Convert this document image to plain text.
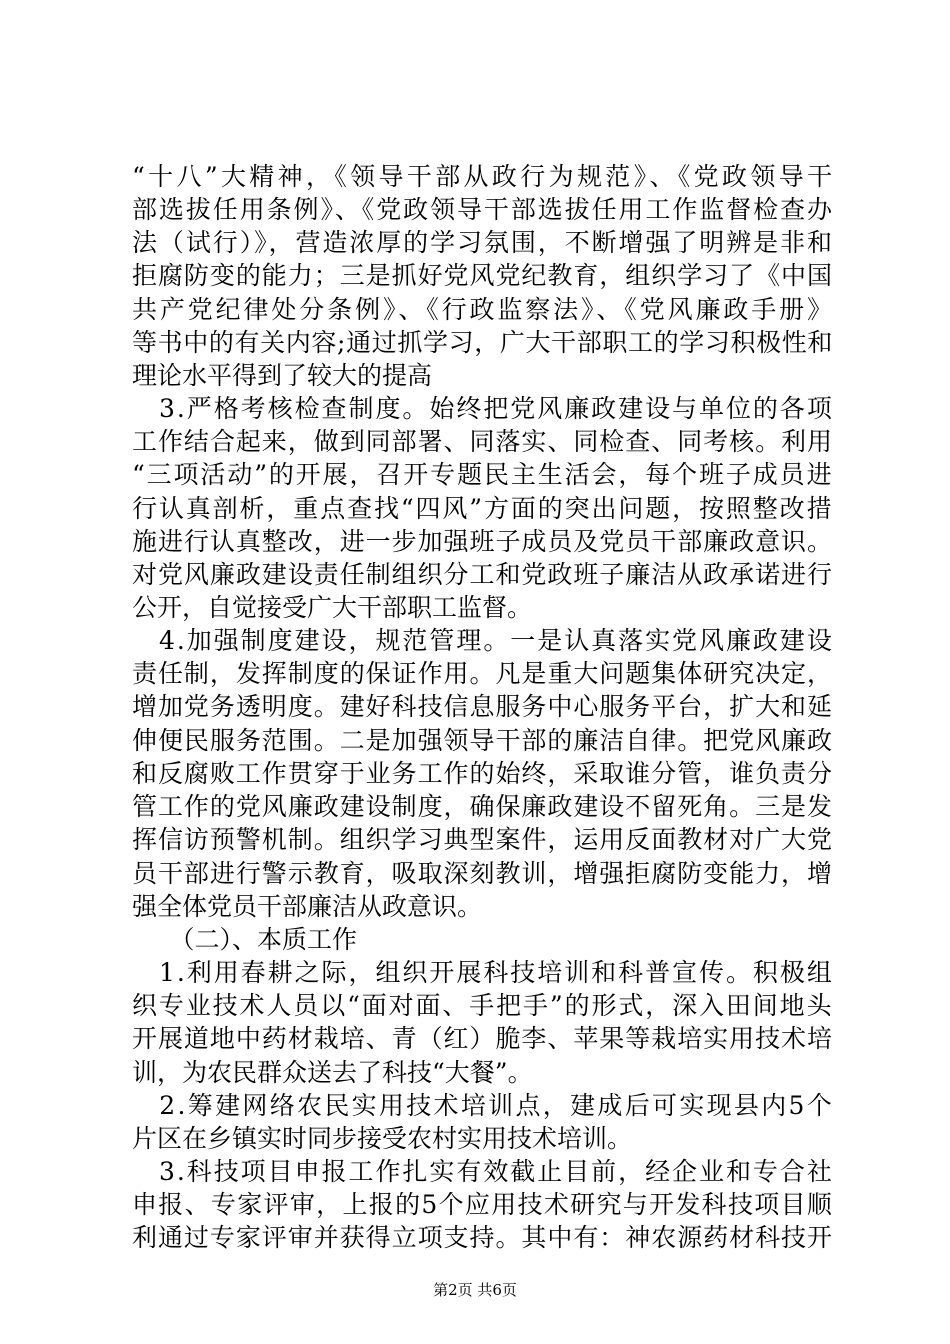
“十八”大精神，《领导干部从政行为规范》、《党政领导干
部选拔任用条例》、《党政领导干部选拔任用工作监督检查办
法（试行）》，营造浓厚的学习氛围，不断增强了明辨是非和
拒腐防变的能力；三是抓好党风党纪教育，组织学习了《中国
共产党纪律处分条例》、《行政监察法》、《党风廉政手册》
等书中的有关内容;通过抓学习，广大干部职工的学习积极性和
理论水平得到了较大的提高
　3.严格考核检查制度。始终把党风廉政建设与单位的各项
工作结合起来，做到同部署、同落实、同检查、同考核。利用
“三项活动”的开展，召开专题民主生活会，每个班子成员进
行认真剖析，重点查找“四风”方面的突出问题，按照整改措
施进行认真整改，进一步加强班子成员及党员干部廉政意识。
对党风廉政建设责任制组织分工和党政班子廉洁从政承诺进行
公开，自觉接受广大干部职工监督。
　4.加强制度建设，规范管理。一是认真落实党风廉政建设
责任制，发挥制度的保证作用。凡是重大问题集体研究决定，
增加党务透明度。建好科技信息服务中心服务平台，扩大和延
伸便民服务范围。二是加强领导干部的廉洁自律。把党风廉政
和反腐败工作贯穿于业务工作的始终，采取谁分管，谁负责分
管工作的党风廉政建设制度，确保廉政建设不留死角。三是发
挥信访预警机制。组织学习典型案件，运用反面教材对广大党
员干部进行警示教育，吸取深刻教训，增强拒腐防变能力，增
强全体党员干部廉洁从政意识。
　　（二）、本质工作
　1.利用春耕之际，组织开展科技培训和科普宣传。积极组
织专业技术人员以“面对面、手把手”的形式，深入田间地头
开展道地中药材栽培、青（红）脆李、苹果等栽培实用技术培
训，为农民群众送去了科技“大餐”。
　2.筹建网络农民实用技术培训点，建成后可实现县内5个
片区在乡镇实时同步接受农村实用技术培训。
　3.科技项目申报工作扎实有效截止目前，经企业和专合社
申报、专家评审，上报的5个应用技术研究与开发科技项目顺
利通过专家评审并获得立项支持。其中有：神农源药材科技开
第2页 共6页
